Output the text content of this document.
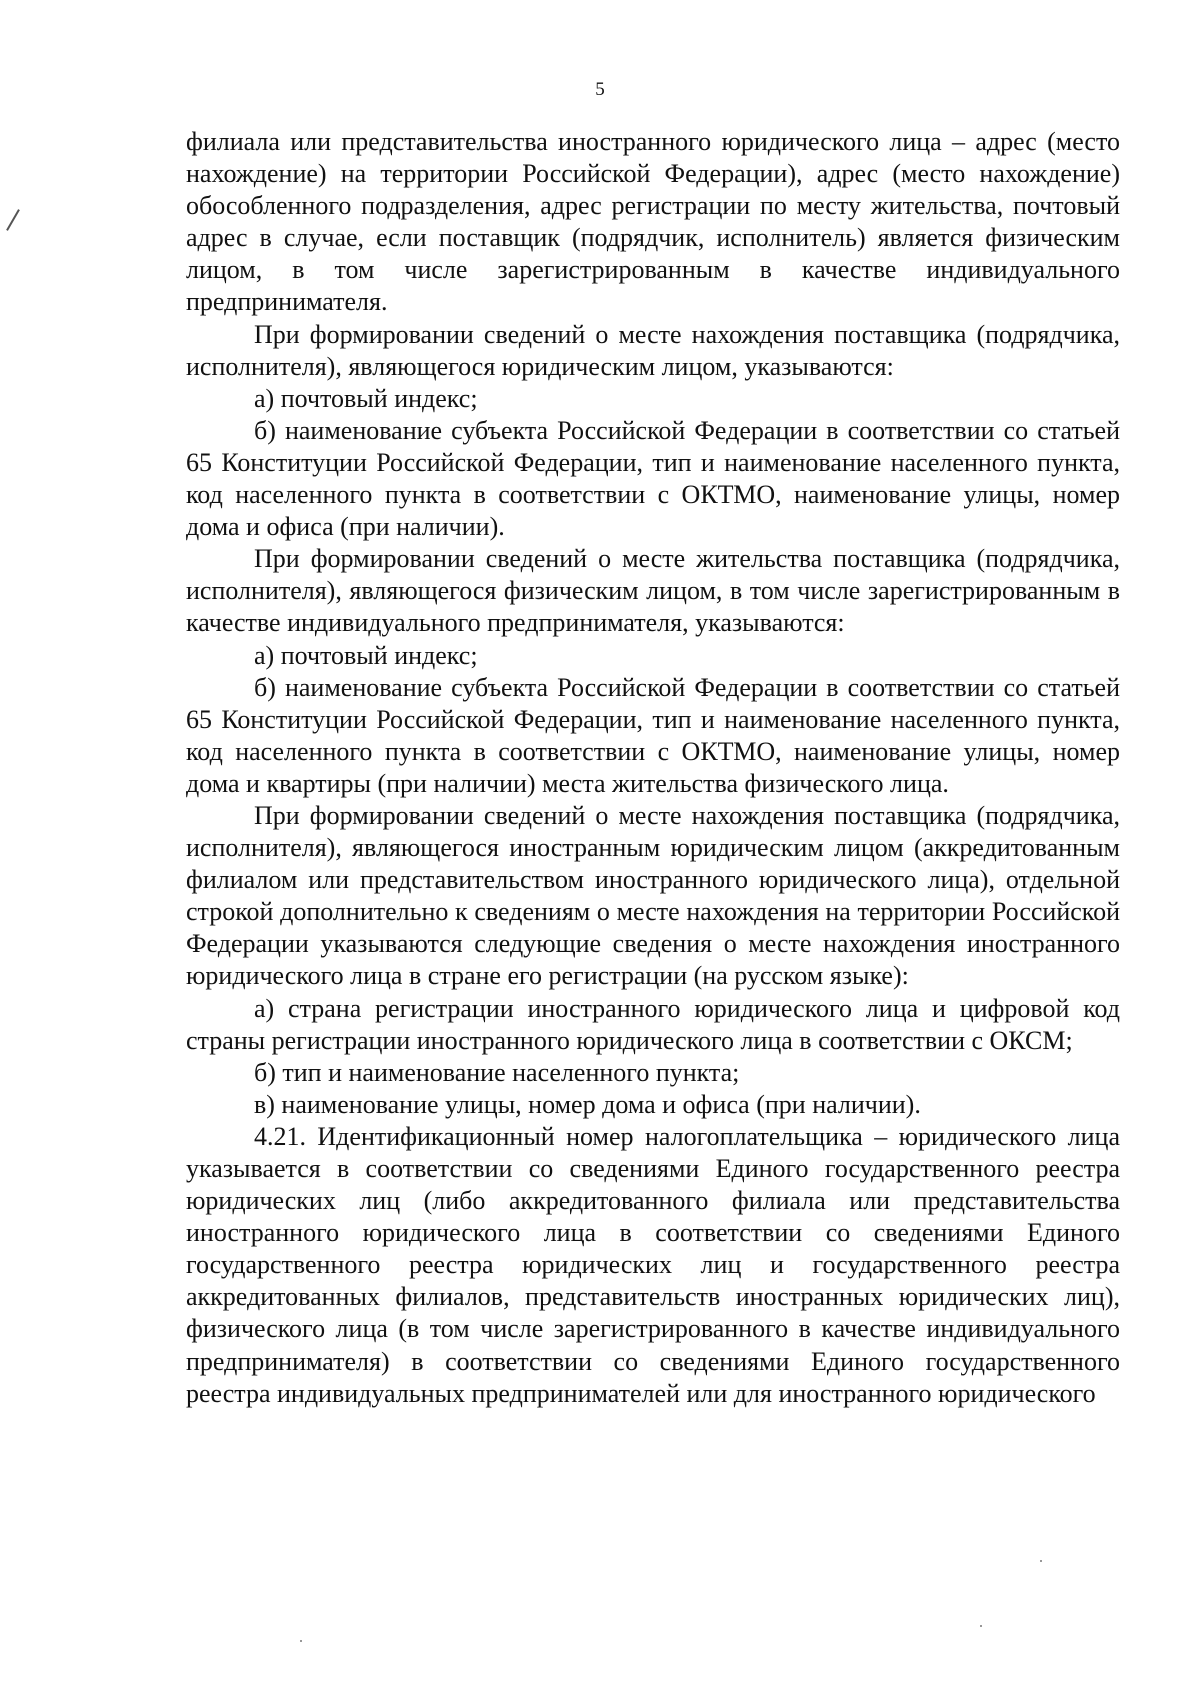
5

филиала или представительства иностранного юридического лица – адрес (место нахождение) на территории Российской Федерации), адрес (место нахождение) обособленного подразделения, адрес регистрации по месту жительства, почтовый адрес в случае, если поставщик (подрядчик, исполнитель) является физическим лицом, в том числе зарегистрированным в качестве индивидуального предпринимателя.

При формировании сведений о месте нахождения поставщика (подрядчика, исполнителя), являющегося юридическим лицом, указываются:

а) почтовый индекс;

б) наименование субъекта Российской Федерации в соответствии со статьей 65 Конституции Российской Федерации, тип и наименование населенного пункта, код населенного пункта в соответствии с ОКТМО, наименование улицы, номер дома и офиса (при наличии).

При формировании сведений о месте жительства поставщика (подрядчика, исполнителя), являющегося физическим лицом, в том числе зарегистрированным в качестве индивидуального предпринимателя, указываются:

а) почтовый индекс;

б) наименование субъекта Российской Федерации в соответствии со статьей 65 Конституции Российской Федерации, тип и наименование населенного пункта, код населенного пункта в соответствии с ОКТМО, наименование улицы, номер дома и квартиры (при наличии) места жительства физического лица.

При формировании сведений о месте нахождения поставщика (подрядчика, исполнителя), являющегося иностранным юридическим лицом (аккредитованным филиалом или представительством иностранного юридического лица), отдельной строкой дополнительно к сведениям о месте нахождения на территории Российской Федерации указываются следующие сведения о месте нахождения иностранного юридического лица в стране его регистрации (на русском языке):

а) страна регистрации иностранного юридического лица и цифровой код страны регистрации иностранного юридического лица в соответствии с ОКСМ;

б) тип и наименование населенного пункта;

в) наименование улицы, номер дома и офиса (при наличии).

4.21. Идентификационный номер налогоплательщика – юридического лица указывается в соответствии со сведениями Единого государственного реестра юридических лиц (либо аккредитованного филиала или представительства иностранного юридического лица в соответствии со сведениями Единого государственного реестра юридических лиц и государственного реестра аккредитованных филиалов, представительств иностранных юридических лиц), физического лица (в том числе зарегистрированного в качестве индивидуального предпринимателя) в соответствии со сведениями Единого государственного реестра индивидуальных предпринимателей или для иностранного юридического
